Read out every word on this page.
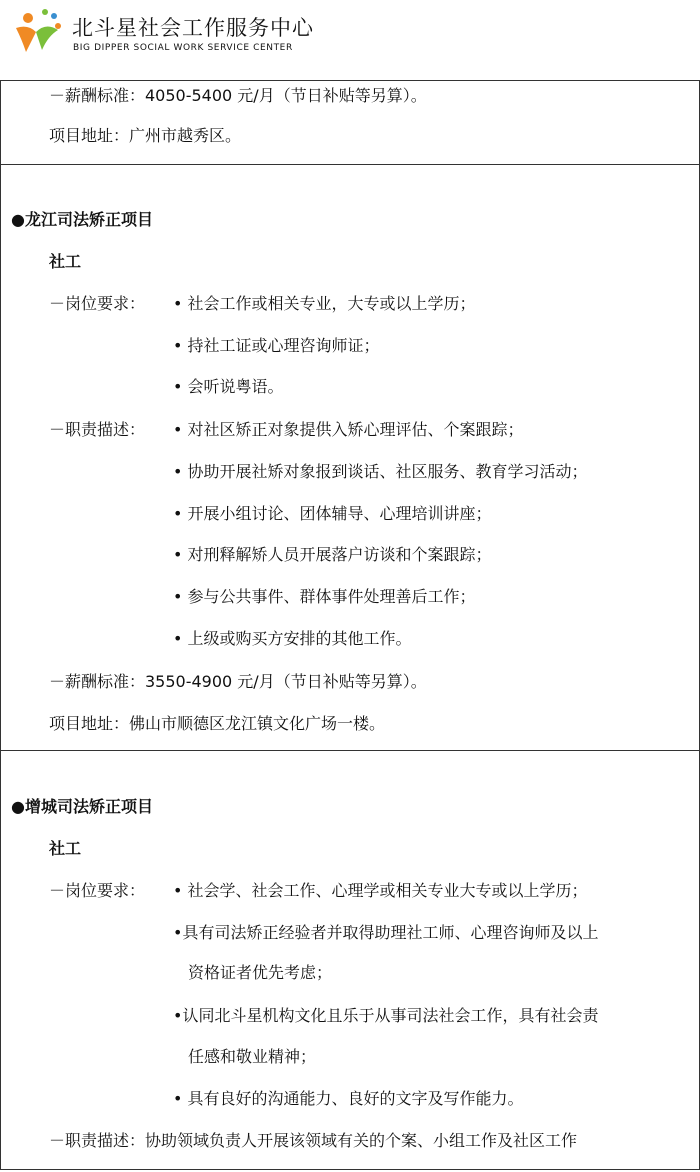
北斗星社会工作服务中心
BIG DIPPER SOCIAL WORK SERVICE CENTER
－薪酬标准：4050-5400 元/月（节日补贴等另算）。
项目地址：广州市越秀区。
●龙江司法矫正项目
社工
－岗位要求： • 社会工作或相关专业，大专或以上学历；
• 持社工证或心理咨询师证；
• 会听说粤语。
－职责描述： • 对社区矫正对象提供入矫心理评估、个案跟踪；
• 协助开展社矫对象报到谈话、社区服务、教育学习活动；
• 开展小组讨论、团体辅导、心理培训讲座；
• 对刑释解矫人员开展落户访谈和个案跟踪；
• 参与公共事件、群体事件处理善后工作；
• 上级或购买方安排的其他工作。
－薪酬标准：3550-4900 元/月（节日补贴等另算）。
项目地址：佛山市顺德区龙江镇文化广场一楼。
●增城司法矫正项目
社工
－岗位要求： • 社会学、社会工作、心理学或相关专业大专或以上学历；
•具有司法矫正经验者并取得助理社工师、心理咨询师及以上
资格证者优先考虑；
•认同北斗星机构文化且乐于从事司法社会工作，具有社会责
任感和敬业精神；
• 具有良好的沟通能力、良好的文字及写作能力。
－职责描述：协助领域负责人开展该领域有关的个案、小组工作及社区工作
